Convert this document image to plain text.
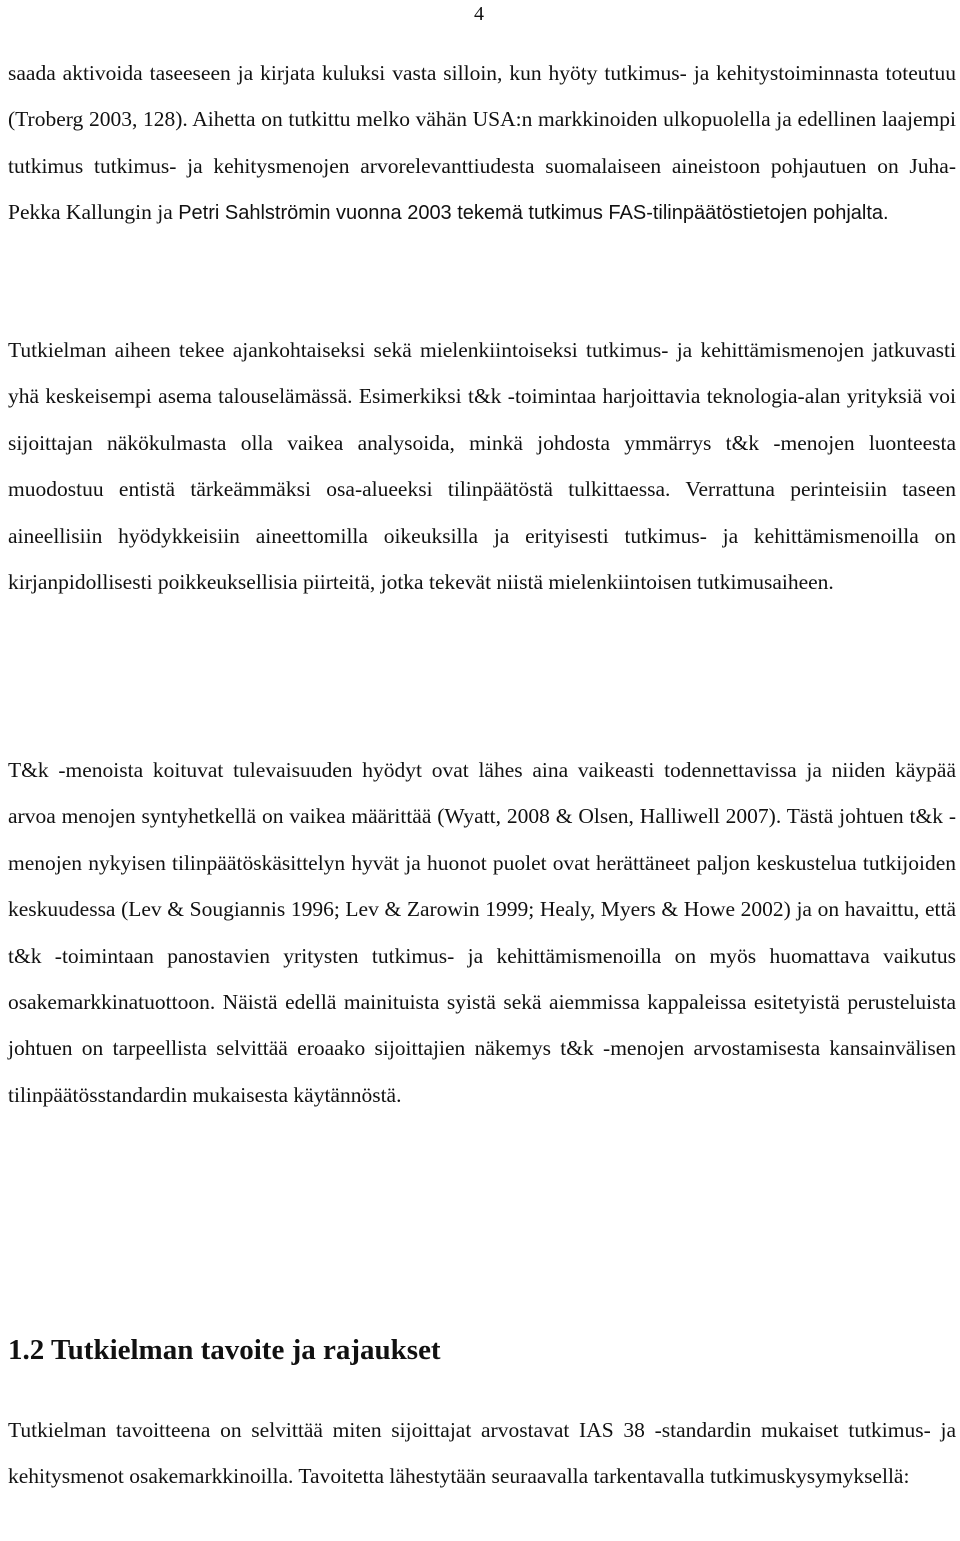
4

saada aktivoida taseeseen ja kirjata kuluksi vasta silloin, kun hyöty tutkimus- ja kehitystoiminnasta toteutuu (Troberg 2003, 128). Aihetta on tutkittu melko vähän USA:n markkinoiden ulkopuolella ja edellinen laajempi tutkimus tutkimus- ja kehitysmenojen arvorelevanttiudesta suomalaiseen aineistoon pohjautuen on Juha-Pekka Kallungin ja Petri Sahlströmin vuonna 2003 tekemä tutkimus FAS-tilinpäätöstietojen pohjalta.

Tutkielman aiheen tekee ajankohtaiseksi sekä mielenkiintoiseksi tutkimus- ja kehittämismenojen jatkuvasti yhä keskeisempi asema talouselämässä. Esimerkiksi t&k -toimintaa harjoittavia teknologia-alan yrityksiä voi sijoittajan näkökulmasta olla vaikea analysoida, minkä johdosta ymmärrys t&k -menojen luonteesta muodostuu entistä tärkeämmäksi osa-alueeksi tilinpäätöstä tulkittaessa. Verrattuna perinteisiin taseen aineellisiin hyödykkeisiin aineettomilla oikeuksilla ja erityisesti tutkimus- ja kehittämismenoilla on kirjanpidollisesti poikkeuksellisia piirteitä, jotka tekevät niistä mielenkiintoisen tutkimusaiheen.

T&k -menoista koituvat tulevaisuuden hyödyt ovat lähes aina vaikeasti todennettavissa ja niiden käypää arvoa menojen syntyhetkellä on vaikea määrittää (Wyatt, 2008 & Olsen, Halliwell 2007). Tästä johtuen t&k -menojen nykyisen tilinpäätöskäsittelyn hyvät ja huonot puolet ovat herättäneet paljon keskustelua tutkijoiden keskuudessa (Lev & Sougiannis 1996; Lev & Zarowin 1999; Healy, Myers & Howe 2002) ja on havaittu, että t&k -toimintaan panostavien yritysten tutkimus- ja kehittämismenoilla on myös huomattava vaikutus osakemarkkinatuottoon. Näistä edellä mainituista syistä sekä aiemmissa kappaleissa esitetyistä perusteluista johtuen on tarpeellista selvittää eroaako sijoittajien näkemys t&k -menojen arvostamisesta kansainvälisen tilinpäätösstandardin mukaisesta käytännöstä.

1.2 Tutkielman tavoite ja rajaukset

Tutkielman tavoitteena on selvittää miten sijoittajat arvostavat IAS 38 -standardin mukaiset tutkimus- ja kehitysmenot osakemarkkinoilla. Tavoitetta lähestytään seuraavalla tarkentavalla tutkimuskysymyksellä:
